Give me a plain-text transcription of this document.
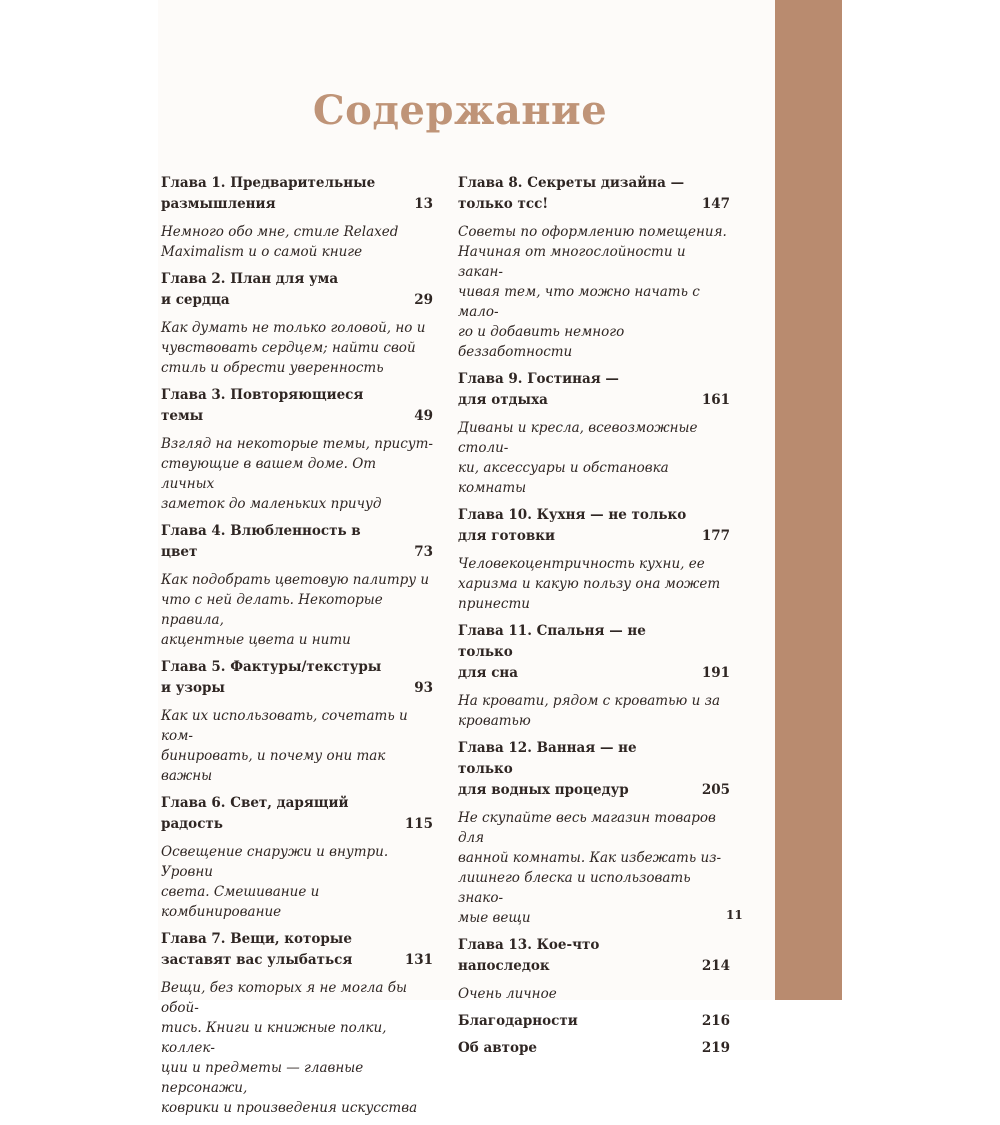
Содержание
Глава 1. Предварительные
размышления	13
Немного обо мне, стиле Relaxed
Maximalism и о самой книге
Глава 2. План для ума
и сердца	29
Как думать не только головой, но и
чувствовать сердцем; найти свой
стиль и обрести уверенность
Глава 3. Повторяющиеся темы	49
Взгляд на некоторые темы, присут-
ствующие в вашем доме. От личных
заметок до маленьких причуд
Глава 4. Влюбленность в цвет	73
Как подобрать цветовую палитру и
что с ней делать. Некоторые правила,
акцентные цвета и нити
Глава 5. Фактуры/текстуры
и узоры	93
Как их использовать, сочетать и ком-
бинировать, и почему они так важны
Глава 6. Свет, дарящий
радость	115
Освещение снаружи и внутри. Уровни
света. Смешивание и комбинирование
Глава 7. Вещи, которые
заставят вас улыбаться	131
Вещи, без которых я не могла бы обой-
тись. Книги и книжные полки, коллек-
ции и предметы — главные персонажи,
коврики и произведения искусства
Глава 8. Секреты дизайна —
только тсс!	147
Советы по оформлению помещения.
Начиная от многослойности и закан-
чивая тем, что можно начать с мало-
го и добавить немного беззаботности
Глава 9. Гостиная —
для отдыха	161
Диваны и кресла, всевозможные столи-
ки, аксессуары и обстановка комнаты
Глава 10. Кухня — не только
для готовки	177
Человекоцентричность кухни, ее
харизма и какую пользу она может
принести
Глава 11. Спальня — не только
для сна	191
На кровати, рядом с кроватью и за
кроватью
Глава 12. Ванная — не только
для водных процедур	205
Не скупайте весь магазин товаров для
ванной комнаты. Как избежать из-
лишнего блеска и использовать знако-
мые вещи
Глава 13. Кое-что напоследок	214
Очень личное
Благодарности	216
Об авторе	219
11
